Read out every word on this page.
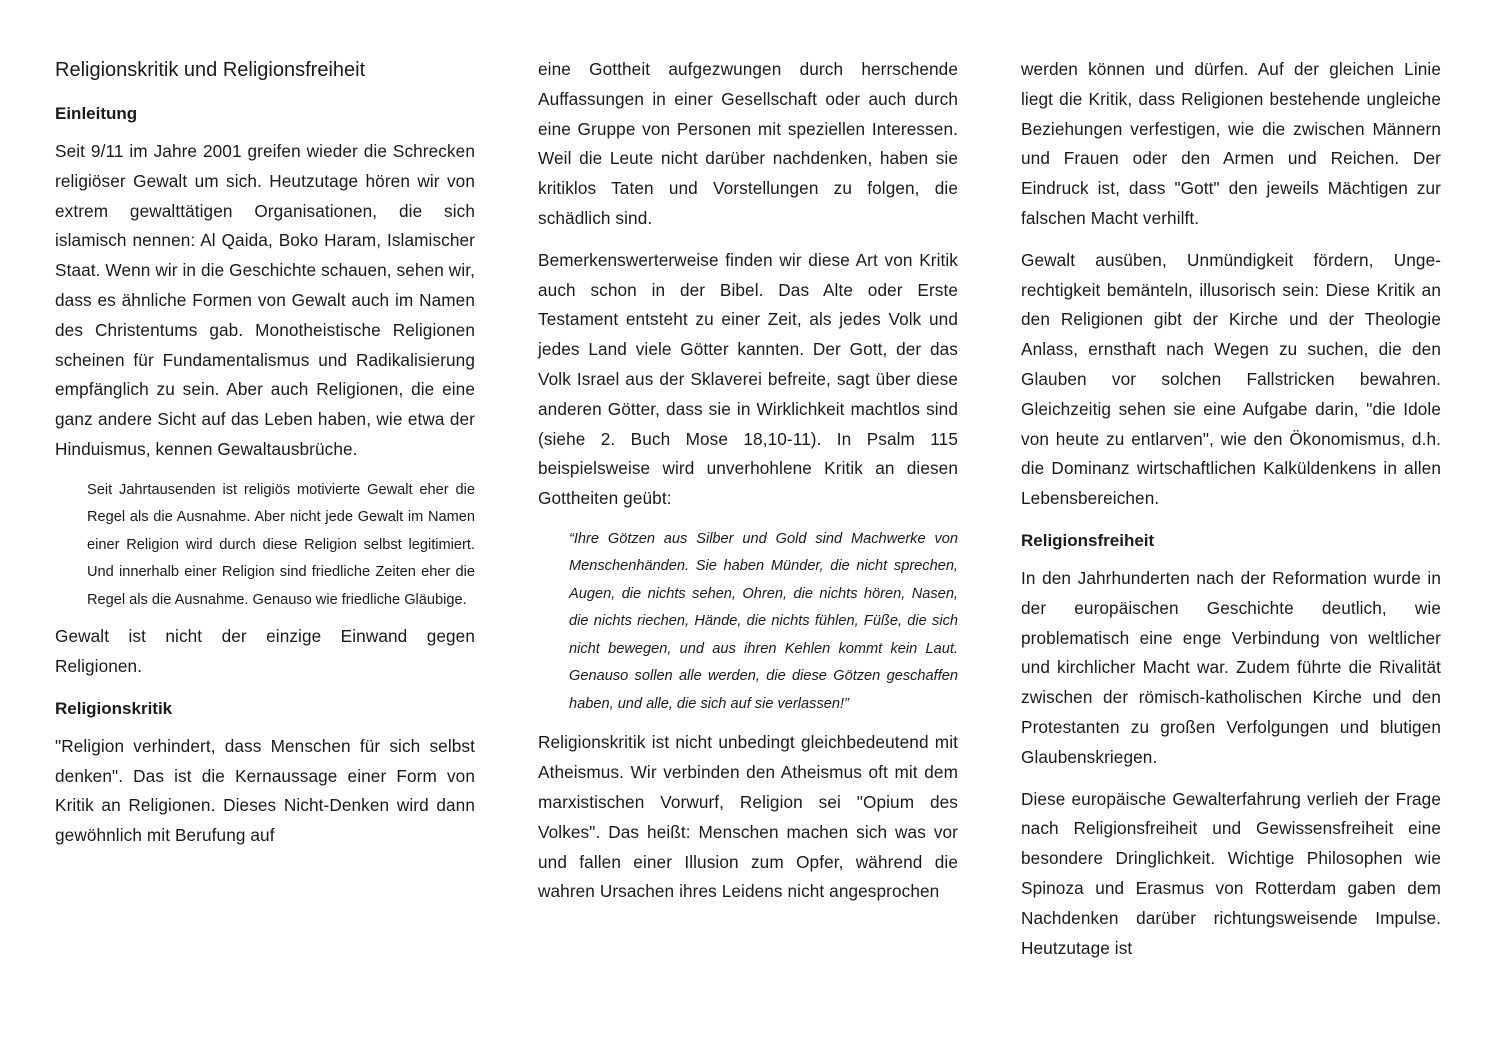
Religionskritik und Religionsfreiheit
Einleitung
Seit 9/11 im Jahre 2001 greifen wieder die Schrecken religiöser Gewalt um sich. Heutzutage hören wir von extrem gewalttätigen Organisationen, die sich islamisch nennen: Al Qaida, Boko Haram, Islamischer Staat. Wenn wir in die Geschichte schauen, sehen wir, dass es ähnliche Formen von Gewalt auch im Namen des Christentums gab. Monotheistische Religionen scheinen für Fundamentalismus und Radikalisierung empfänglich zu sein. Aber auch Religionen, die eine ganz andere Sicht auf das Leben haben, wie etwa der Hinduismus, kennen Gewaltausbrüche.
Seit Jahrtausenden ist religiös motivierte Gewalt eher die Regel als die Ausnahme. Aber nicht jede Gewalt im Namen einer Religion wird durch diese Religion selbst legitimiert. Und innerhalb einer Religion sind friedliche Zeiten eher die Regel als die Ausnahme. Genauso wie friedliche Gläubige.
Gewalt ist nicht der einzige Einwand gegen Religionen.
Religionskritik
"Religion verhindert, dass Menschen für sich selbst denken". Das ist die Kernaussage einer Form von Kritik an Religionen. Dieses Nicht-Denken wird dann gewöhnlich mit Berufung auf
eine Gottheit aufgezwungen durch herrschende Auffassungen in einer Gesellschaft oder auch durch eine Gruppe von Personen mit speziellen Interessen. Weil die Leute nicht darüber nachdenken, haben sie kritiklos Taten und Vorstellungen zu folgen, die schädlich sind.
Bemerkenswerterweise finden wir diese Art von Kritik auch schon in der Bibel. Das Alte oder Erste Testament entsteht zu einer Zeit, als jedes Volk und jedes Land viele Götter kannten. Der Gott, der das Volk Israel aus der Sklaverei befreite, sagt über diese anderen Götter, dass sie in Wirklichkeit machtlos sind (siehe 2. Buch Mose 18,10-11). In Psalm 115 beispielsweise wird unverhohlene Kritik an diesen Gottheiten geübt:
“Ihre Götzen aus Silber und Gold sind Machwerke von Menschenhänden. Sie haben Münder, die nicht sprechen, Augen, die nichts sehen, Ohren, die nichts hören, Nasen, die nichts riechen, Hände, die nichts fühlen, Füße, die sich nicht bewegen, und aus ihren Kehlen kommt kein Laut. Genauso sollen alle werden, die diese Götzen geschaffen haben, und alle, die sich auf sie verlassen!”
Religionskritik ist nicht unbedingt gleichbedeutend mit Atheismus. Wir verbinden den Atheismus oft mit dem marxistischen Vorwurf, Religion sei "Opium des Volkes". Das heißt: Menschen machen sich was vor und fallen einer Illusion zum Opfer, während die wahren Ursachen ihres Leidens nicht angesprochen
werden können und dürfen. Auf der gleichen Linie liegt die Kritik, dass Religionen bestehende ungleiche Beziehungen verfestigen, wie die zwischen Männern und Frauen oder den Armen und Reichen. Der Eindruck ist, dass "Gott" den jeweils Mächtigen zur falschen Macht verhilft.
Gewalt ausüben, Unmündigkeit fördern, Ungerechtigkeit bemänteln, illusorisch sein: Diese Kritik an den Religionen gibt der Kirche und der Theologie Anlass, ernsthaft nach Wegen zu suchen, die den Glauben vor solchen Fallstricken bewahren. Gleichzeitig sehen sie eine Aufgabe darin, "die Idole von heute zu entlarven", wie den Ökonomismus, d.h. die Dominanz wirtschaftlichen Kalküldenkens in allen Lebensbereichen.
Religionsfreiheit
In den Jahrhunderten nach der Reformation wurde in der europäischen Geschichte deutlich, wie problematisch eine enge Verbindung von weltlicher und kirchlicher Macht war. Zudem führte die Rivalität zwischen der römisch-katholischen Kirche und den Protestanten zu großen Verfolgungen und blutigen Glaubenskriegen.
Diese europäische Gewalterfahrung verlieh der Frage nach Religionsfreiheit und Gewissensfreiheit eine besondere Dringlichkeit. Wichtige Philosophen wie Spinoza und Erasmus von Rotterdam gaben dem Nachdenken darüber richtungsweisende Impulse. Heutzutage ist
